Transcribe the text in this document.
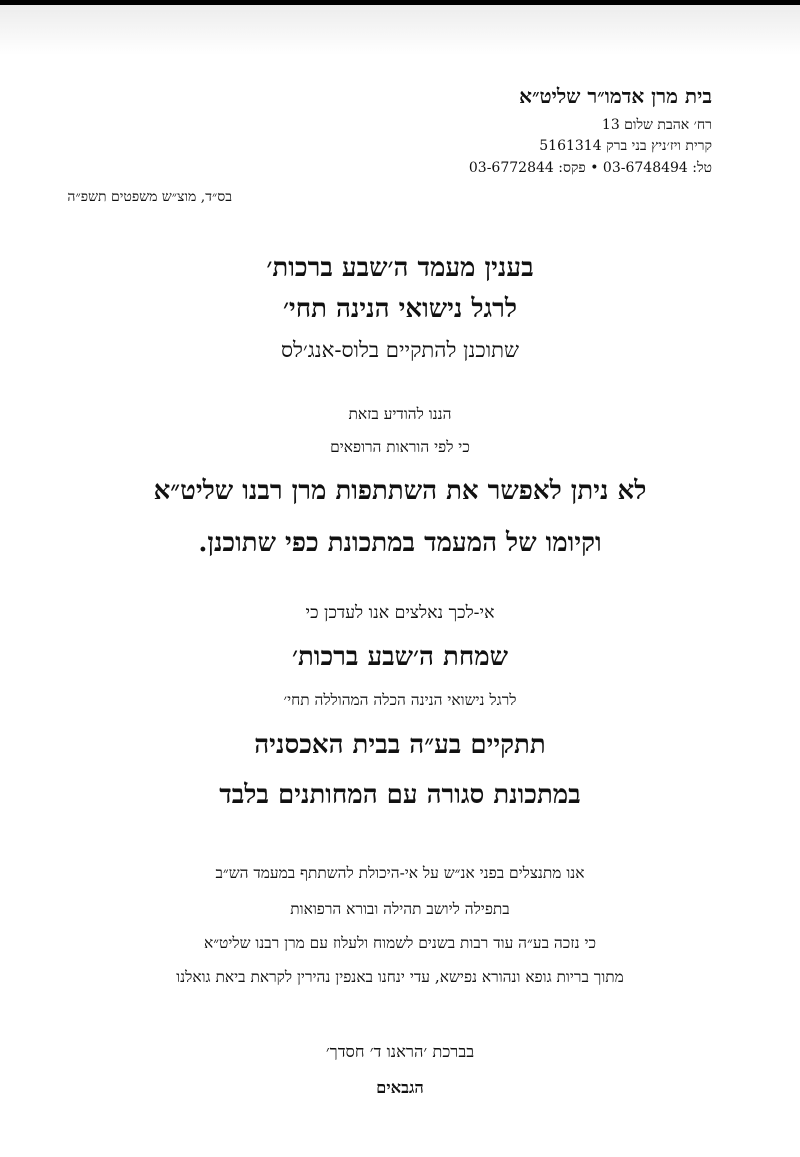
בית מרן אדמו״ר שליט״א
רח׳ אהבת שלום 13
קרית ויז׳ניץ בני ברק 5161314
טל: 03-6748494 • פקס: 03-6772844
בס״ד, מוצ״ש משפטים תשפ״ה
בענין מעמד ה׳שבע ברכות׳
לרגל נישואי הנינה תחי׳
שתוכנן להתקיים בלוס-אנג׳לס
הננו להודיע בזאת
כי לפי הוראות הרופאים
לא ניתן לאפשר את השתתפות מרן רבנו שליט״א
וקיומו של המעמד במתכונת כפי שתוכנן.
אי-לכך נאלצים אנו לעדכן כי
שמחת ה׳שבע ברכות׳
לרגל נישואי הנינה הכלה המהוללה תחי׳
תתקיים בע״ה בבית האכסניה
במתכונת סגורה עם המחותנים בלבד
אנו מתנצלים בפני אנ״ש על אי-היכולת להשתתף במעמד הש״ב
בתפילה ליושב תהילה ובורא הרפואות
כי נזכה בע״ה עוד רבות בשנים לשמוח ולעלוז עם מרן רבנו שליט״א
מתוך בריות גופא ונהורא נפישא, עדי ינחנו באנפין נהירין לקראת ביאת גואלנו
בברכת ׳הראנו ד׳ חסדך׳
הגבאים
